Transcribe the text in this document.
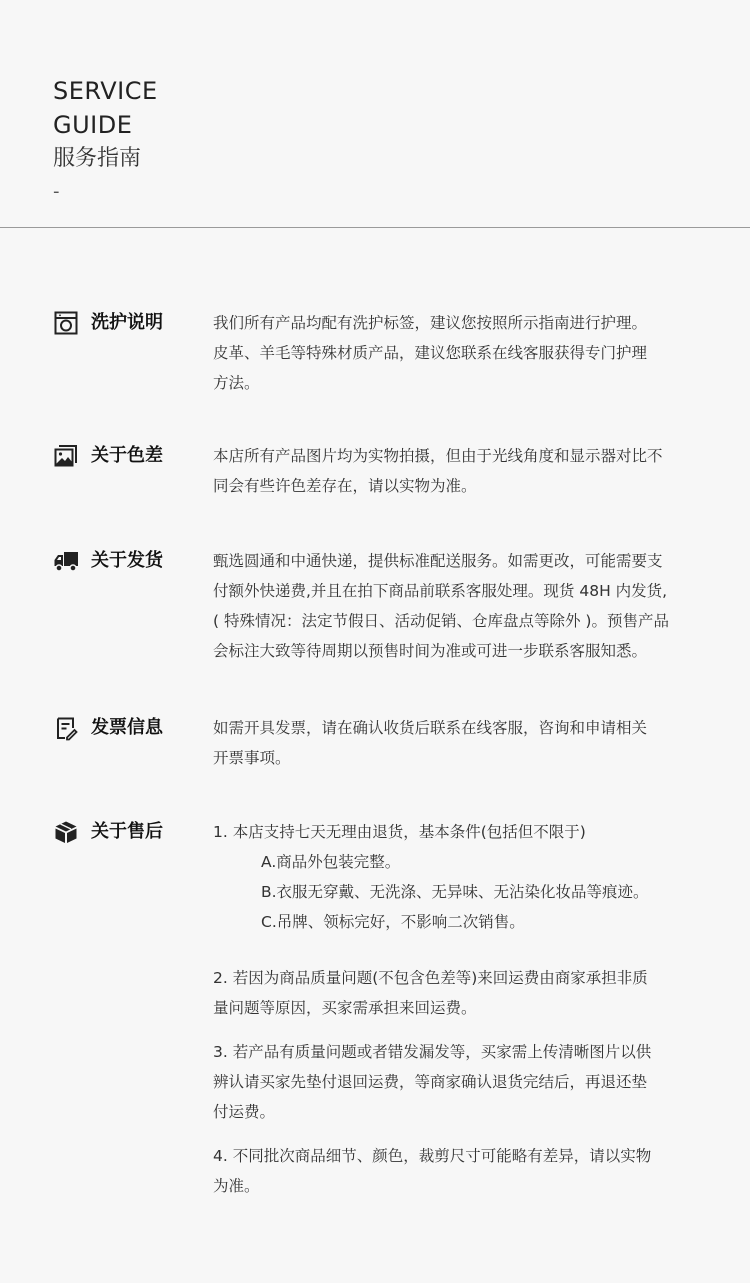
SERVICE
GUIDE
服务指南
-
洗护说明	我们所有产品均配有洗护标签，建议您按照所示指南进行护理。

皮革、羊毛等特殊材质产品，建议您联系在线客服获得专门护理

方法。

关于色差	本店所有产品图片均为实物拍摄，但由于光线角度和显示器对比不

同会有些许色差存在，请以实物为准。

关于发货	甄选圆通和中通快递，提供标准配送服务。如需更改，可能需要支

付额外快递费,并且在拍下商品前联系客服处理。现货 48H 内发货,

( 特殊情况：法定节假日、活动促销、仓库盘点等除外 )。预售产品

会标注大致等待周期以预售时间为准或可进一步联系客服知悉。

发票信息	如需开具发票，请在确认收货后联系在线客服，咨询和申请相关

开票事项。

关于售后	1. 本店支持七天无理由退货，基本条件(包括但不限于)

A.商品外包装完整。

B.衣服无穿戴、无洗涤、无异味、无沾染化妆品等痕迹。

C.吊牌、领标完好，不影响二次销售。

2. 若因为商品质量问题(不包含色差等)来回运费由商家承担非质

量问题等原因，买家需承担来回运费。

3. 若产品有质量问题或者错发漏发等，买家需上传清晰图片以供

辨认请买家先垫付退回运费，等商家确认退货完结后，再退还垫

付运费。

4. 不同批次商品细节、颜色，裁剪尺寸可能略有差异，请以实物

为准。
